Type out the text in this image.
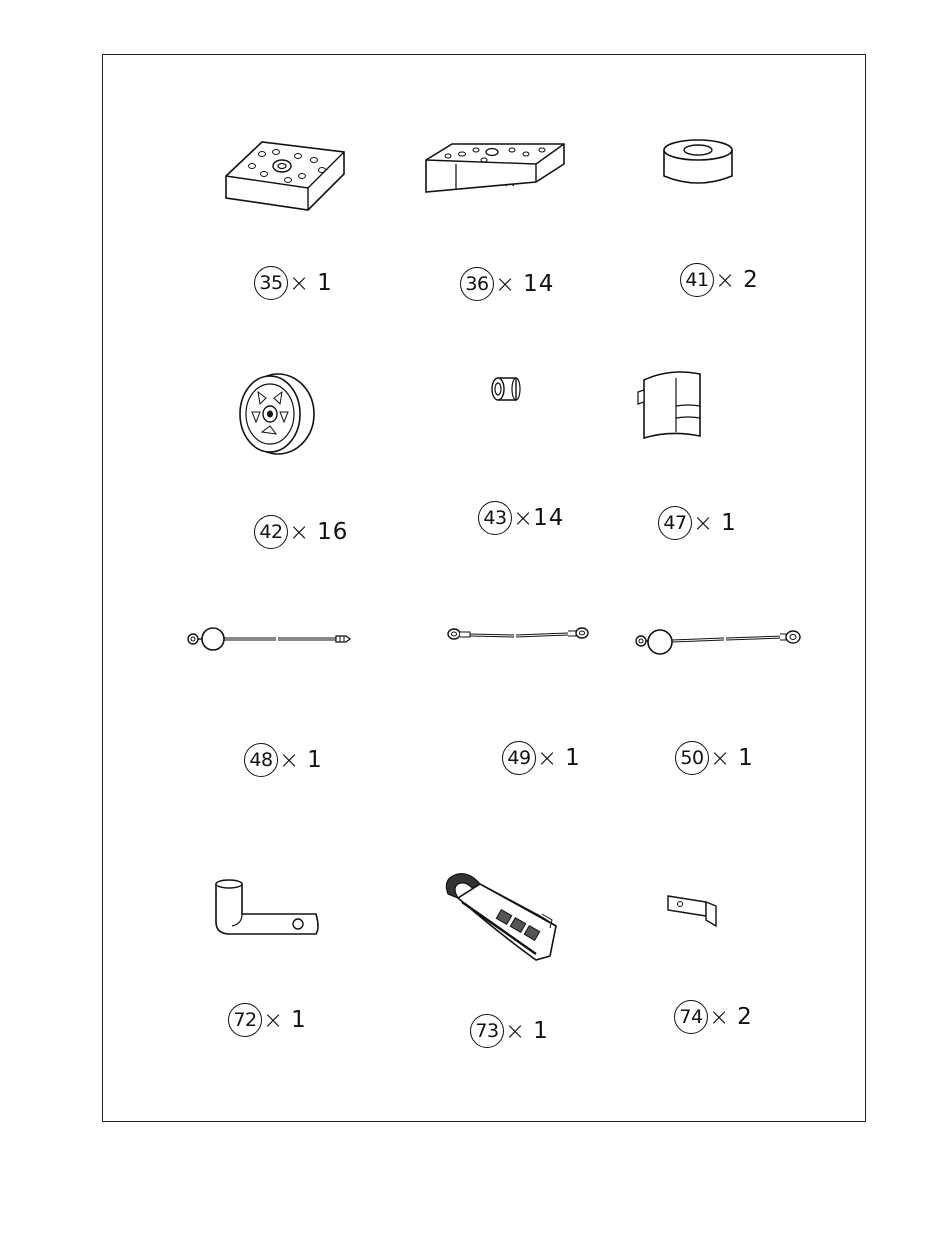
35 × 1	36 × 14	41 × 2
42 × 16
43 × 14	47 × 1
48 × 1	49 × 1	50 × 1
72 × 1	73 × 1
74 × 2
